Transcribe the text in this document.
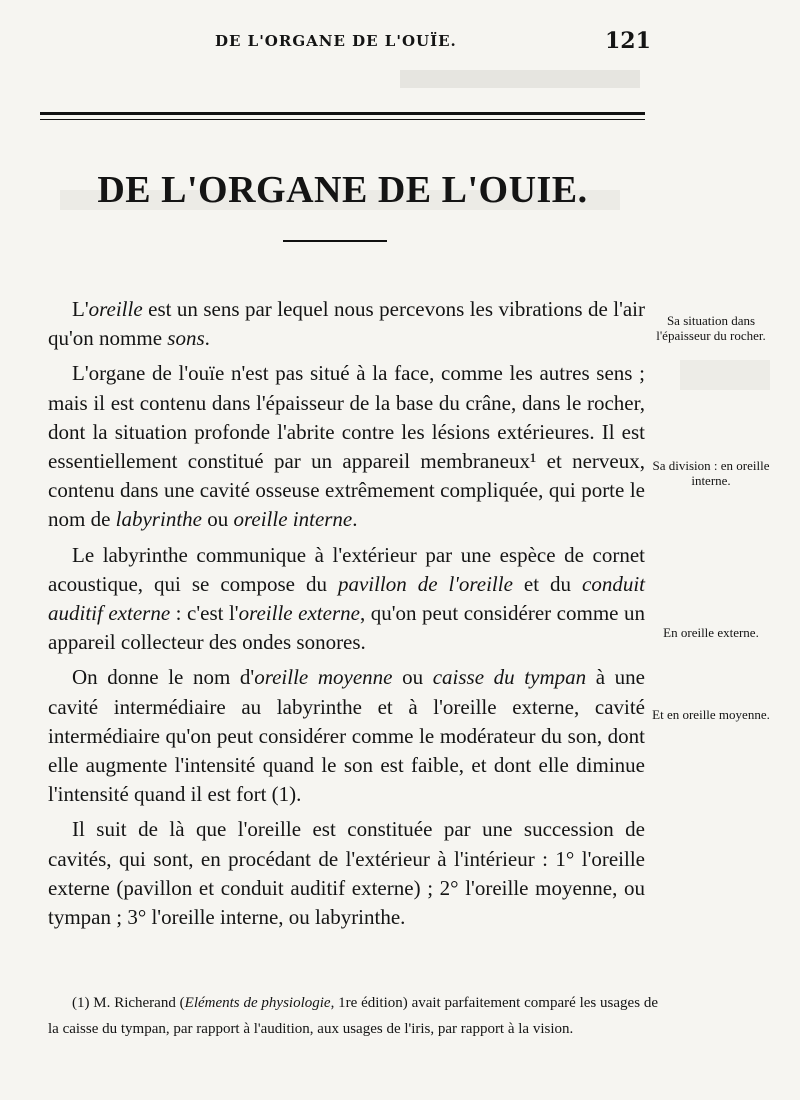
DE L'ORGANE DE L'OUÏE.	121
DE L'ORGANE DE L'OUIE.

L'oreille est un sens par lequel nous percevons les vibrations de l'air qu'on nomme sons.

L'organe de l'ouïe n'est pas situé à la face, comme les autres sens ; mais il est contenu dans l'épaisseur de la base du crâne, dans le rocher, dont la situation profonde l'abrite contre les lésions extérieures. Il est essentiellement constitué par un appareil membraneux¹ et nerveux, contenu dans une cavité osseuse extrêmement compliquée, qui porte le nom de labyrinthe ou oreille interne.

Le labyrinthe communique à l'extérieur par une espèce de cornet acoustique, qui se compose du pavillon de l'oreille et du conduit auditif externe : c'est l'oreille externe, qu'on peut considérer comme un appareil collecteur des ondes sonores.

On donne le nom d'oreille moyenne ou caisse du tympan à une cavité intermédiaire au labyrinthe et à l'oreille externe, cavité intermédiaire qu'on peut considérer comme le modérateur du son, dont elle augmente l'intensité quand le son est faible, et dont elle diminue l'intensité quand il est fort (1).

Il suit de là que l'oreille est constituée par une succession de cavités, qui sont, en procédant de l'extérieur à l'intérieur : 1° l'oreille externe (pavillon et conduit auditif externe) ; 2° l'oreille moyenne, ou tympan ; 3° l'oreille interne, ou labyrinthe.

Sa situation dans l'épaisseur du rocher.
Sa division : en oreille interne.
En oreille externe.
Et en oreille moyenne.
(1) M. Richerand (Eléments de physiologie, 1re édition) avait parfaitement comparé les usages de la caisse du tympan, par rapport à l'audition, aux usages de l'iris, par rapport à la vision.
